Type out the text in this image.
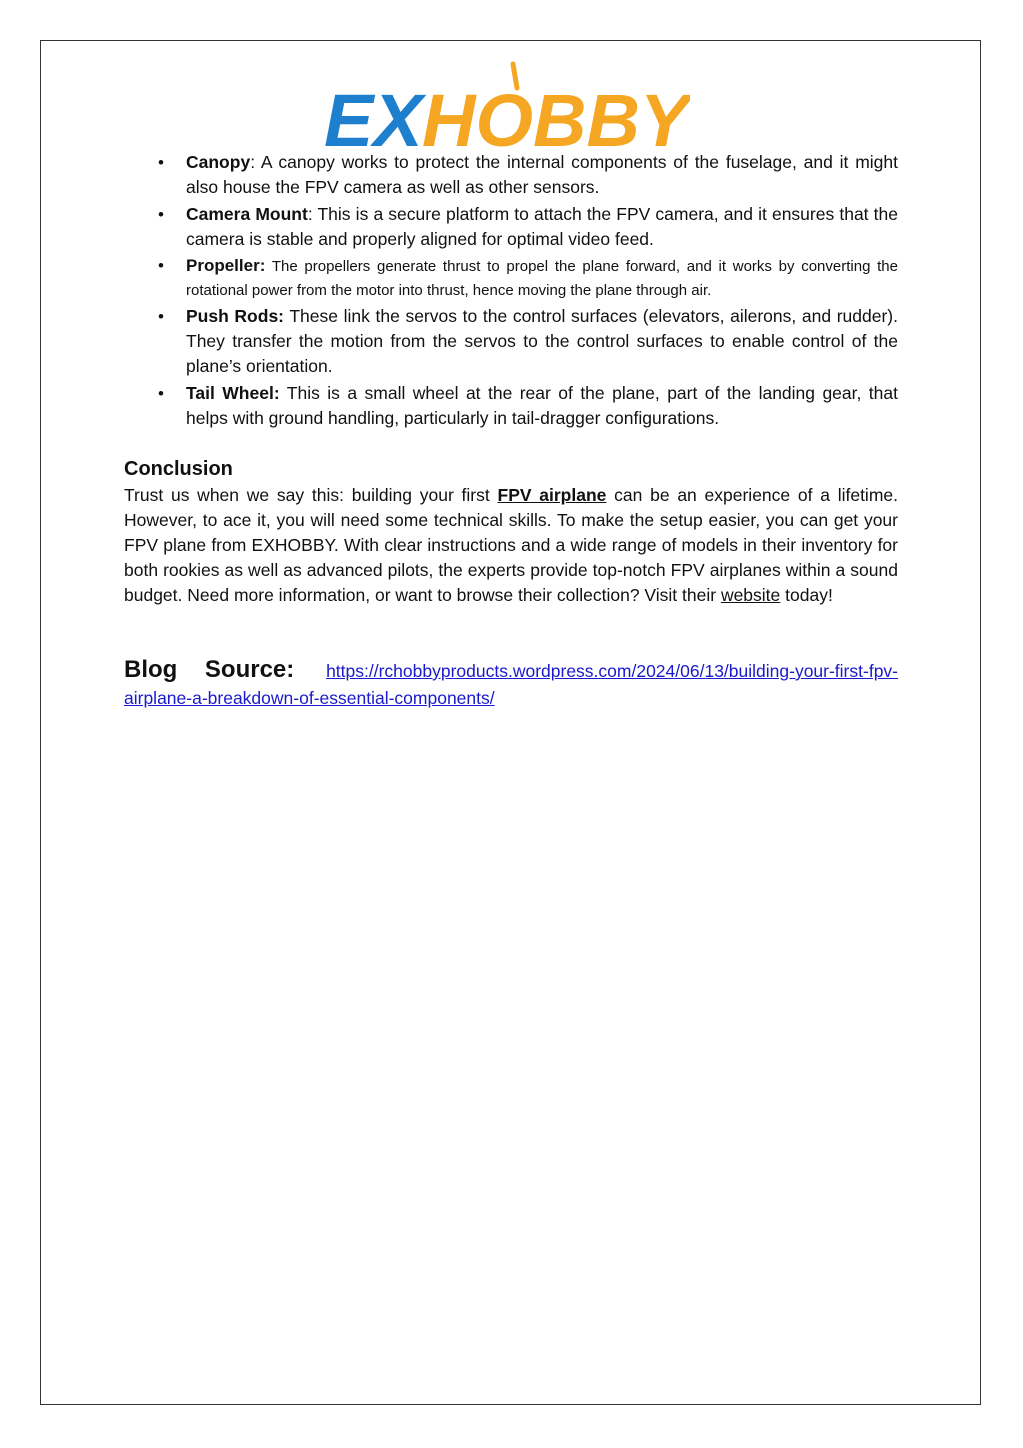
EX HOBBY
• Canopy: A canopy works to protect the internal components of the fuselage, and it might also house the FPV camera as well as other sensors.
• Camera Mount: This is a secure platform to attach the FPV camera, and it ensures that the camera is stable and properly aligned for optimal video feed.
• Propeller: The propellers generate thrust to propel the plane forward, and it works by converting the rotational power from the motor into thrust, hence moving the plane through air.
• Push Rods: These link the servos to the control surfaces (elevators, ailerons, and rudder). They transfer the motion from the servos to the control surfaces to enable control of the plane’s orientation.
• Tail Wheel: This is a small wheel at the rear of the plane, part of the landing gear, that helps with ground handling, particularly in tail-dragger configurations.
Conclusion

Trust us when we say this: building your first FPV airplane can be an experience of a lifetime. However, to ace it, you will need some technical skills. To make the setup easier, you can get your FPV plane from EXHOBBY. With clear instructions and a wide range of models in their inventory for both rookies as well as advanced pilots, the experts provide top-notch FPV airplanes within a sound budget. Need more information, or want to browse their collection? Visit their website today!

Blog Source: https://rchobbyproducts.wordpress.com/2024/06/13/building-your-first-fpv-airplane-a-breakdown-of-essential-components/
